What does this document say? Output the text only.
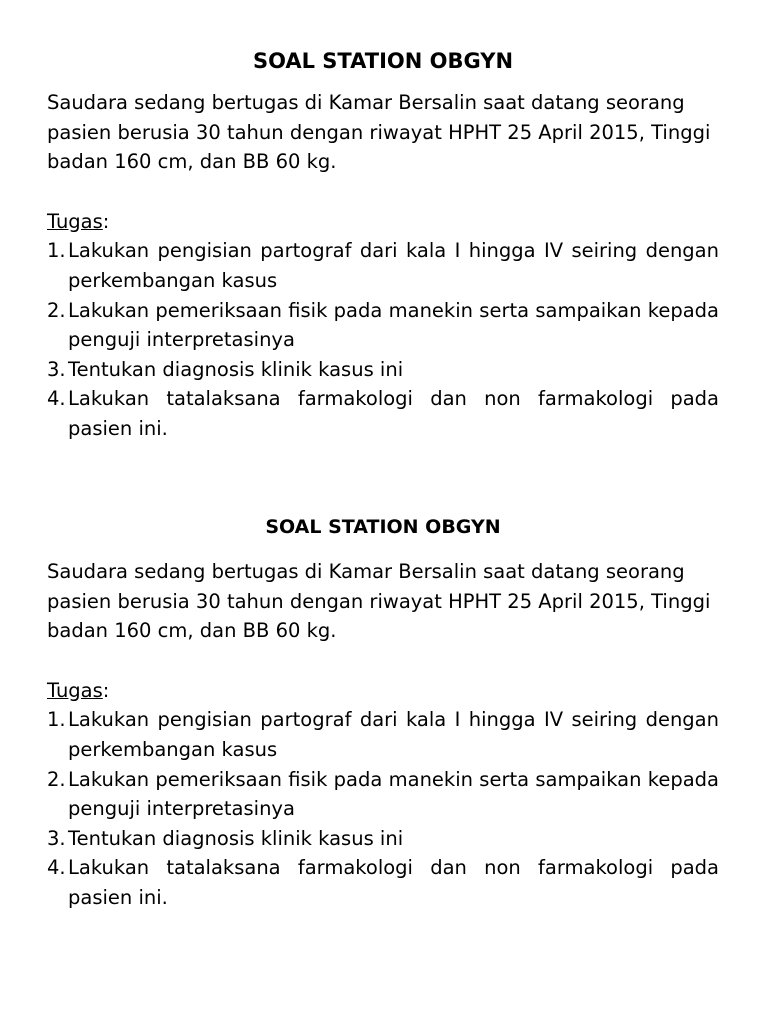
SOAL STATION OBGYN

Saudara sedang bertugas di Kamar Bersalin saat datang seorang pasien berusia 30 tahun dengan riwayat HPHT 25 April 2015, Tinggi badan 160 cm, dan BB 60 kg.

Tugas:
1. Lakukan pengisian partograf dari kala I hingga IV seiring dengan perkembangan kasus
2. Lakukan pemeriksaan fisik pada manekin serta sampaikan kepada penguji interpretasinya
3. Tentukan diagnosis klinik kasus ini
4. Lakukan tatalaksana farmakologi dan non farmakologi pada pasien ini.
SOAL STATION OBGYN

Saudara sedang bertugas di Kamar Bersalin saat datang seorang pasien berusia 30 tahun dengan riwayat HPHT 25 April 2015, Tinggi badan 160 cm, dan BB 60 kg.

Tugas:
1. Lakukan pengisian partograf dari kala I hingga IV seiring dengan perkembangan kasus
2. Lakukan pemeriksaan fisik pada manekin serta sampaikan kepada penguji interpretasinya
3. Tentukan diagnosis klinik kasus ini
4. Lakukan tatalaksana farmakologi dan non farmakologi pada pasien ini.
